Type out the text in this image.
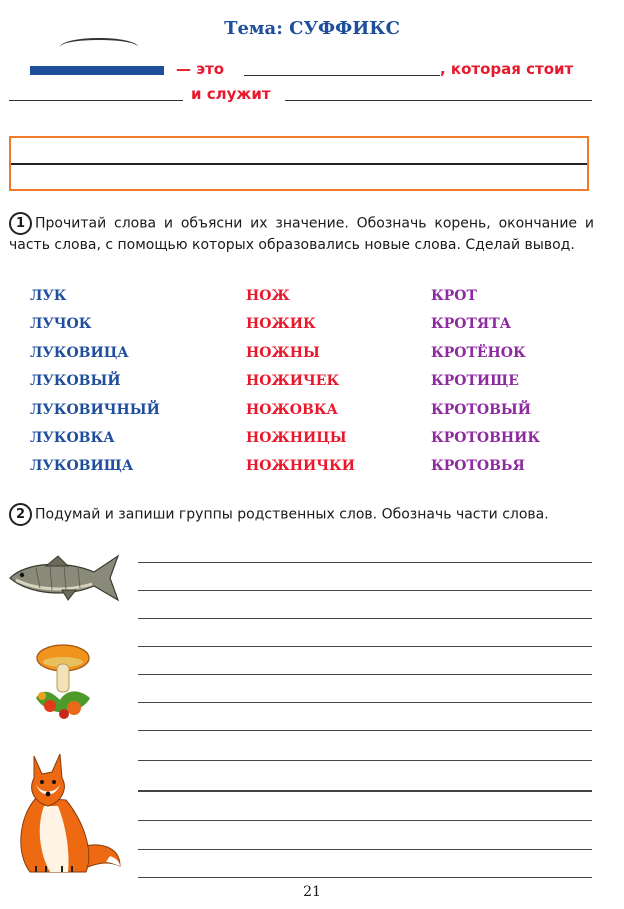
Тема: СУФФИКС
— это	, которая стоит
и служит
1 Прочитай слова и объясни их значение. Обозначь корень, окончание и часть слова, с помощью которых образовались новые слова. Сделай вывод.
ЛУК
ЛУЧОК
ЛУКОВИЦА
ЛУКОВЫЙ
ЛУКОВИЧНЫЙ
ЛУКОВКА
ЛУКОВИЩА
НОЖ
НОЖИК
НОЖНЫ
НОЖИЧЕК
НОЖОВКА
НОЖНИЦЫ
НОЖНИЧКИ
КРОТ
КРОТЯТА
КРОТЁНОК
КРОТИЩЕ
КРОТОВЫЙ
КРОТОВНИК
КРОТОВЬЯ
2 Подумай и запиши группы родственных слов. Обозначь части слова.
21
